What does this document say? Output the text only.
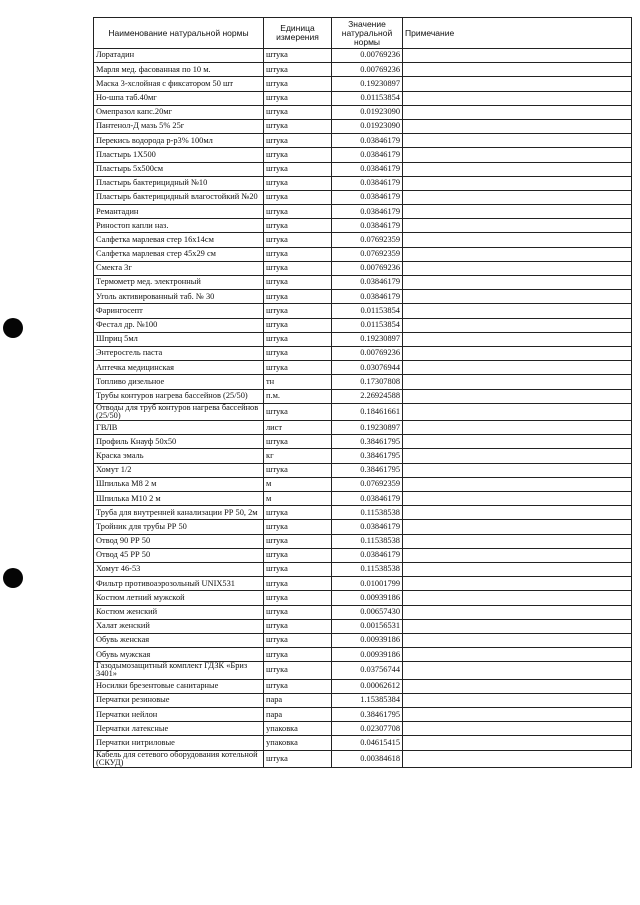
Наименование натуральной нормы	Единица измерения	Значение натуральной нормы	Примечание
Лоратадин	штука	0.00769236	
Марля мед. фасованная по 10 м.	штука	0.00769236	
Маска 3-хслойная с фиксатором 50 шт	штука	0.19230897	
Но-шпа таб.40мг	штука	0.01153854	
Омепразол капс.20мг	штука	0.01923090	
Пантенол-Д мазь 5% 25г	штука	0.01923090	
Перекись водорода р-р3% 100мл	штука	0.03846179	
Пластырь 1Х500	штука	0.03846179	
Пластырь 5х500см	штука	0.03846179	
Пластырь бактерицидный №10	штука	0.03846179	
Пластырь бактерицидный влагостойкий №20	штука	0.03846179	
Ремантадин	штука	0.03846179	
Риностоп капли наз.	штука	0.03846179	
Салфетка марлевая стер 16х14см	штука	0.07692359	
Салфетка марлевая стер 45х29 см	штука	0.07692359	
Смекта 3г	штука	0.00769236	
Термометр мед. электронный	штука	0.03846179	
Уголь активированный таб. № 30	штука	0.03846179	
Фарингосепт	штука	0.01153854	
Фестал др. №100	штука	0.01153854	
Шприц 5мл	штука	0.19230897	
Энтеросгель паста	штука	0.00769236	
Аптечка медицинская	штука	0.03076944	
Топливо дизельное	тн	0.17307808	
Трубы контуров нагрева бассейнов (25/50)	п.м.	2.26924588	
Отводы для труб контуров нагрева бассейнов (25/50)	штука	0.18461661	
ГВЛВ	лист	0.19230897	
Профиль Кнауф 50х50	штука	0.38461795	
Краска эмаль	кг	0.38461795	
Хомут 1/2	штука	0.38461795	
Шпилька М8 2 м	м	0.07692359	
Шпилька М10 2 м	м	0.03846179	
Труба для внутренней канализации РР 50, 2м	штука	0.11538538	
Тройник для трубы РР 50	штука	0.03846179	
Отвод 90 РР 50	штука	0.11538538	
Отвод 45 РР 50	штука	0.03846179	
Хомут 46-53	штука	0.11538538	
Фильтр противоаэрозольный UNIX531	штука	0.01001799	
Костюм летний мужской	штука	0.00939186	
Костюм женский	штука	0.00657430	
Халат женский	штука	0.00156531	
Обувь женская	штука	0.00939186	
Обувь мужская	штука	0.00939186	
Газодымозащитный комплект ГДЗК «Бриз 3401»	штука	0.03756744	
Носилки брезентовые санитарные	штука	0.00062612	
Перчатки резиновые	пара	1.15385384	
Перчатки нейлон	пара	0.38461795	
Перчатки латексные	упаковка	0.02307708	
Перчатки нитриловые	упаковка	0.04615415	
Кабель для сетевого оборудования котельной (СКУД)	штука	0.00384618	
